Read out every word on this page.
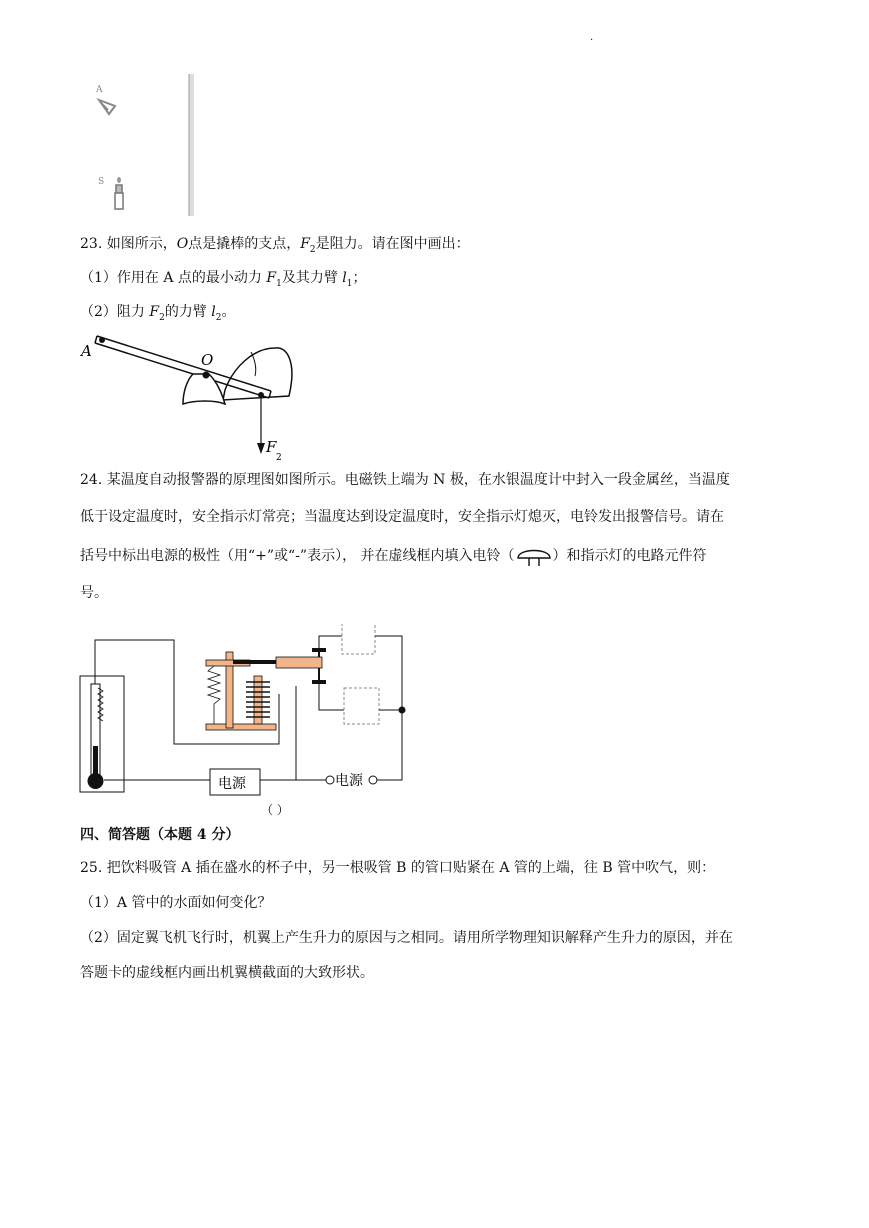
.
A
S
23. 如图所示，O点是撬棒的支点，$F_2$是阻力。请在图中画出：
（1）作用在 A 点的最小动力 $F_1$及其力臂 $l_1$；
（2）阻力 $F_2$的力臂 $l_2$。
A	O
F
2
24. 某温度自动报警器的原理图如图所示。电磁铁上端为 N 极，在水银温度计中封入一段金属丝，当温度
低于设定温度时，安全指示灯常亮；当温度达到设定温度时，安全指示灯熄灭，电铃发出报警信号。请在
括号中标出电源的极性（用“+”或“-”表示）， 并在虚线框内填入电铃（	）和指示灯的电路元件符
号。
电源
（ ）
电源
四、简答题（本题 4 分）
25. 把饮料吸管 A 插在盛水的杯子中，另一根吸管 B 的管口贴紧在 A 管的上端，往 B 管中吹气，则：
（1）A 管中的水面如何变化？
（2）固定翼飞机飞行时，机翼上产生升力的原因与之相同。请用所学物理知识解释产生升力的原因，并在
答题卡的虚线框内画出机翼横截面的大致形状。
